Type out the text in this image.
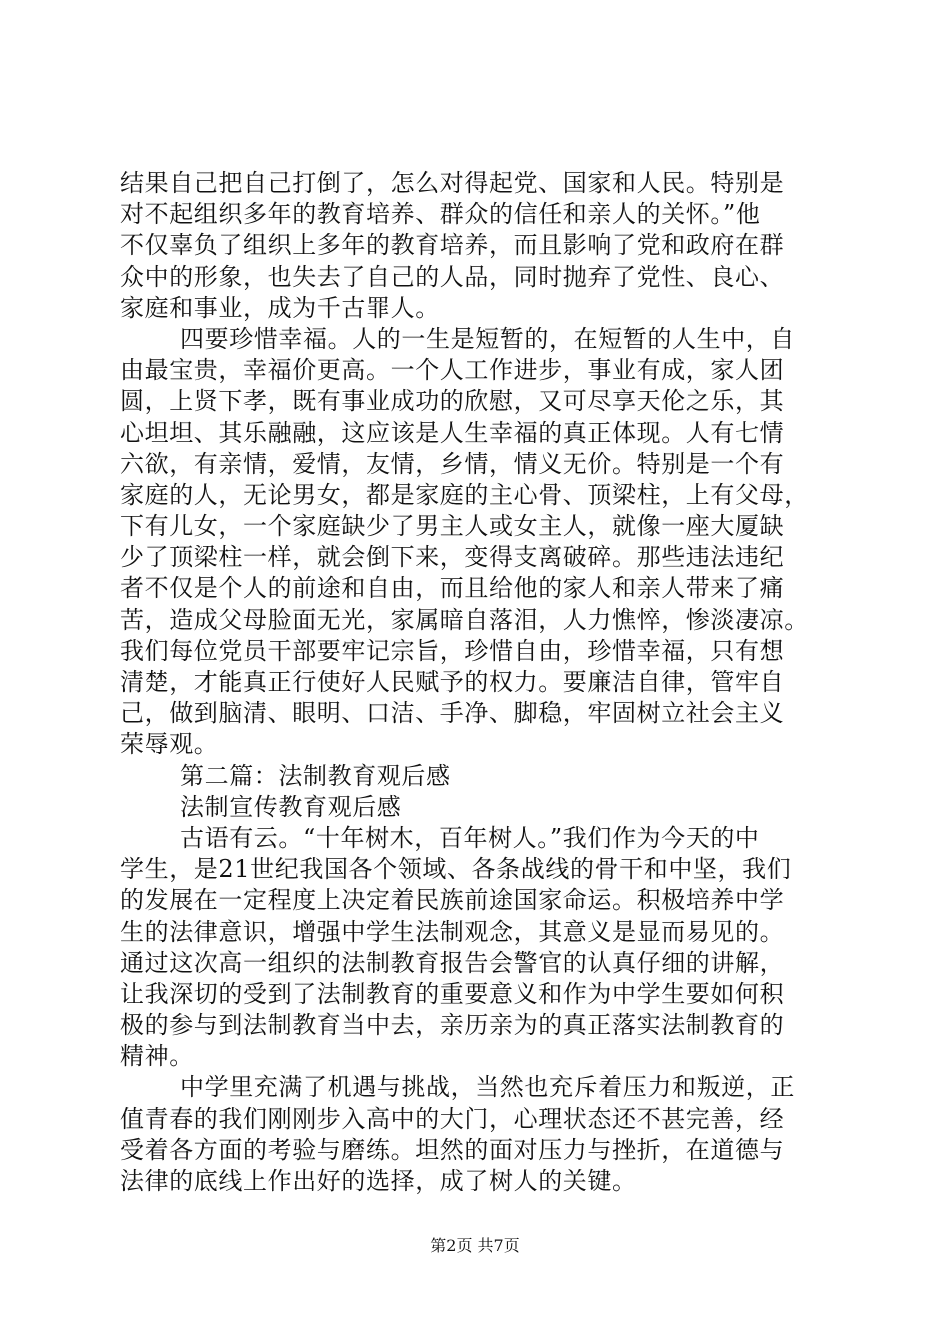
结果自己把自己打倒了，怎么对得起党、国家和人民。特别是
对不起组织多年的教育培养、群众的信任和亲人的关怀。”他
不仅辜负了组织上多年的教育培养，而且影响了党和政府在群
众中的形象，也失去了自己的人品，同时抛弃了党性、良心、
家庭和事业，成为千古罪人。
四要珍惜幸福。人的一生是短暂的，在短暂的人生中，自
由最宝贵，幸福价更高。一个人工作进步，事业有成，家人团
圆，上贤下孝，既有事业成功的欣慰，又可尽享天伦之乐，其
心坦坦、其乐融融，这应该是人生幸福的真正体现。人有七情
六欲，有亲情，爱情，友情，乡情，情义无价。特别是一个有
家庭的人，无论男女，都是家庭的主心骨、顶梁柱，上有父母，
下有儿女，一个家庭缺少了男主人或女主人，就像一座大厦缺
少了顶梁柱一样，就会倒下来，变得支离破碎。那些违法违纪
者不仅是个人的前途和自由，而且给他的家人和亲人带来了痛
苦，造成父母脸面无光，家属暗自落泪，人力憔悴，惨淡凄凉。
我们每位党员干部要牢记宗旨，珍惜自由，珍惜幸福，只有想
清楚，才能真正行使好人民赋予的权力。要廉洁自律，管牢自
己，做到脑清、眼明、口洁、手净、脚稳，牢固树立社会主义
荣辱观。
第二篇：法制教育观后感
法制宣传教育观后感
古语有云。“十年树木，百年树人。”我们作为今天的中
学生，是21世纪我国各个领域、各条战线的骨干和中坚，我们
的发展在一定程度上决定着民族前途国家命运。积极培养中学
生的法律意识，增强中学生法制观念，其意义是显而易见的。
通过这次高一组织的法制教育报告会警官的认真仔细的讲解，
让我深切的受到了法制教育的重要意义和作为中学生要如何积
极的参与到法制教育当中去，亲历亲为的真正落实法制教育的
精神。
中学里充满了机遇与挑战，当然也充斥着压力和叛逆，正
值青春的我们刚刚步入高中的大门，心理状态还不甚完善，经
受着各方面的考验与磨练。坦然的面对压力与挫折，在道德与
法律的底线上作出好的选择，成了树人的关键。
第2页 共7页
